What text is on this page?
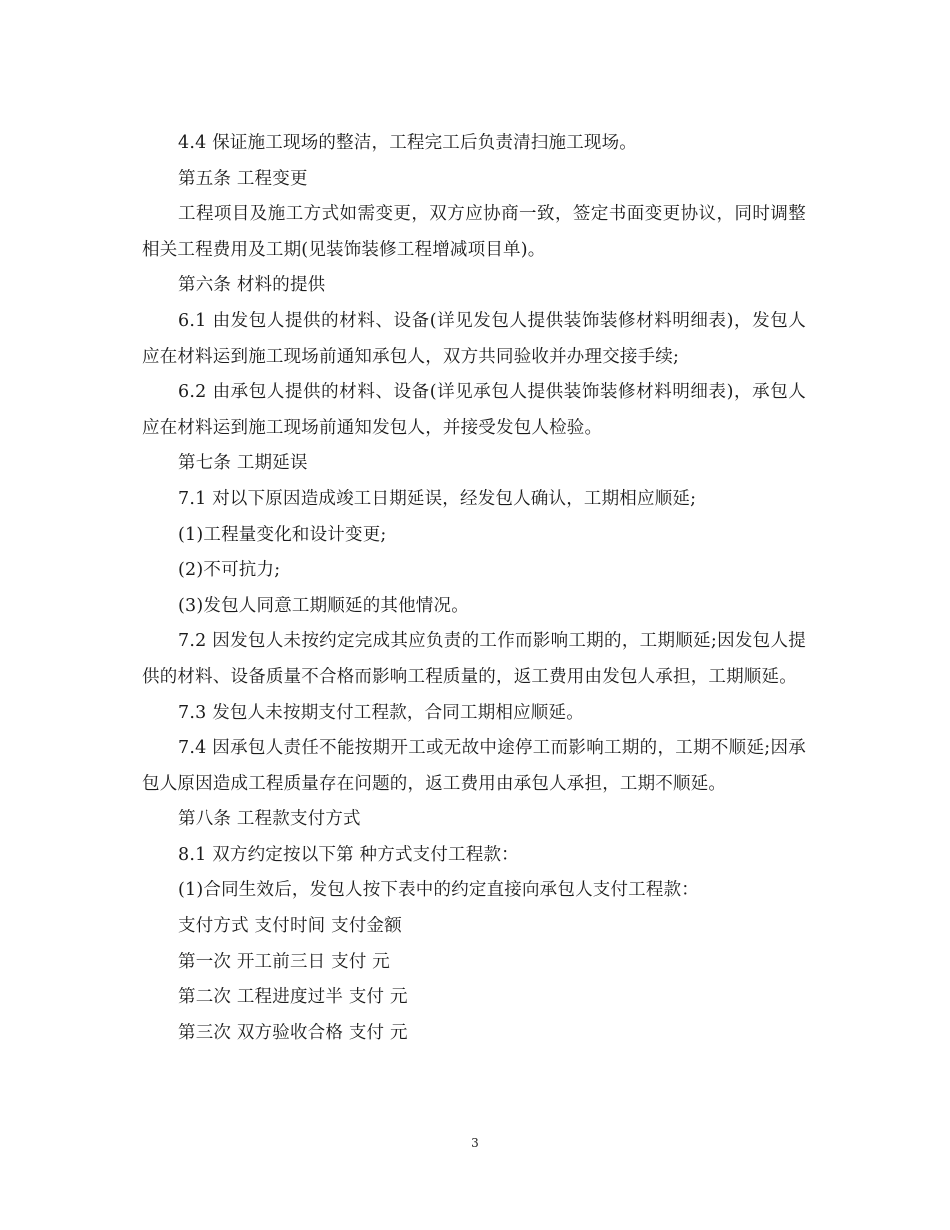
4.4 保证施工现场的整洁，工程完工后负责清扫施工现场。

第五条 工程变更

工程项目及施工方式如需变更，双方应协商一致，签定书面变更协议，同时调整相关工程费用及工期(见装饰装修工程增减项目单)。

第六条 材料的提供

6.1 由发包人提供的材料、设备(详见发包人提供装饰装修材料明细表)，发包人应在材料运到施工现场前通知承包人，双方共同验收并办理交接手续;

6.2 由承包人提供的材料、设备(详见承包人提供装饰装修材料明细表)，承包人应在材料运到施工现场前通知发包人，并接受发包人检验。

第七条 工期延误

7.1 对以下原因造成竣工日期延误，经发包人确认，工期相应顺延;

(1)工程量变化和设计变更;

(2)不可抗力;

(3)发包人同意工期顺延的其他情况。

7.2 因发包人未按约定完成其应负责的工作而影响工期的，工期顺延;因发包人提供的材料、设备质量不合格而影响工程质量的，返工费用由发包人承担，工期顺延。

7.3 发包人未按期支付工程款，合同工期相应顺延。

7.4 因承包人责任不能按期开工或无故中途停工而影响工期的，工期不顺延;因承包人原因造成工程质量存在问题的，返工费用由承包人承担，工期不顺延。

第八条 工程款支付方式

8.1 双方约定按以下第 种方式支付工程款：

(1)合同生效后，发包人按下表中的约定直接向承包人支付工程款：

支付方式 支付时间 支付金额

第一次 开工前三日 支付 元

第二次 工程进度过半 支付 元

第三次 双方验收合格 支付 元

3
